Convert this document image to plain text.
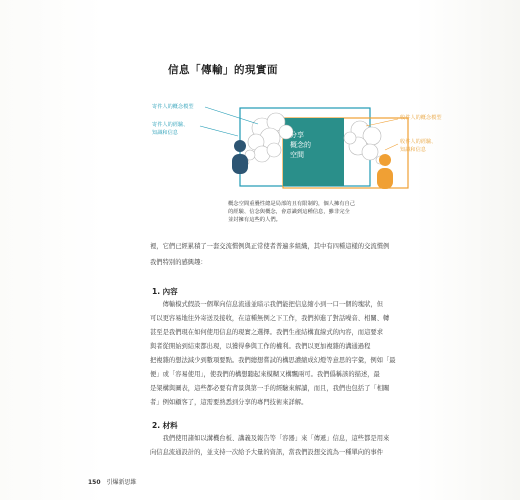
信息「傳輸」的現實面
寄件人的概念模型
寄件人的經驗、
知識和信息
收件人的概念模型
收件人的經驗、
知識和信息
分享
概念的
空間
概念空間重疊性總是局部的且有限制的，個人擁有自己
的經驗、信念與概念，會意識到這種信息，雖非完全
並封擁有這些的人們。
裡，它們已經累積了一套交流慣例與正常使者普遍多組織，其中有四種這樣的交流慣例
我們特別的感興趣：
1. 內容
　　傳輸模式假設一個單向信息流通並暗示我們能把信息縮小到一口一個的塊狀，但
可以更容易地往外寄送及接收，在這種無例之下工作，我們掉進了對話噪音、相關、轉
甚至是我們現在如何使用信息的現實之選擇。我們生產結構直線式的內容，而這要求
與者從開始到結束都出現，以獲得參與工作的權利。我們以更加複雜的溝通過程
把複雜的想法減少到數項要點。我們總想嘗試的構思濃縮成幻燈等意思的字彙，例如「最
便」或「容易使用」，使我們的構想聽起來模糊又構飄兩可。我們僞稱該的描述，最
是架構與圖表，這些都必要有背景與第一手的經驗來解讀，而且，我們也包括了「相關
者」例如顧客了，這需要熟悉到分享的專門技術來詳解。
2. 材料
　　我們使用諸如以溝機台板、講義及報告等「容器」來「傳遞」信息，這些都是用來
向信息流通設計的，並支持一次給予大量的資訊，當我們設想交流為一種單向的事件
150 引爆新思維
